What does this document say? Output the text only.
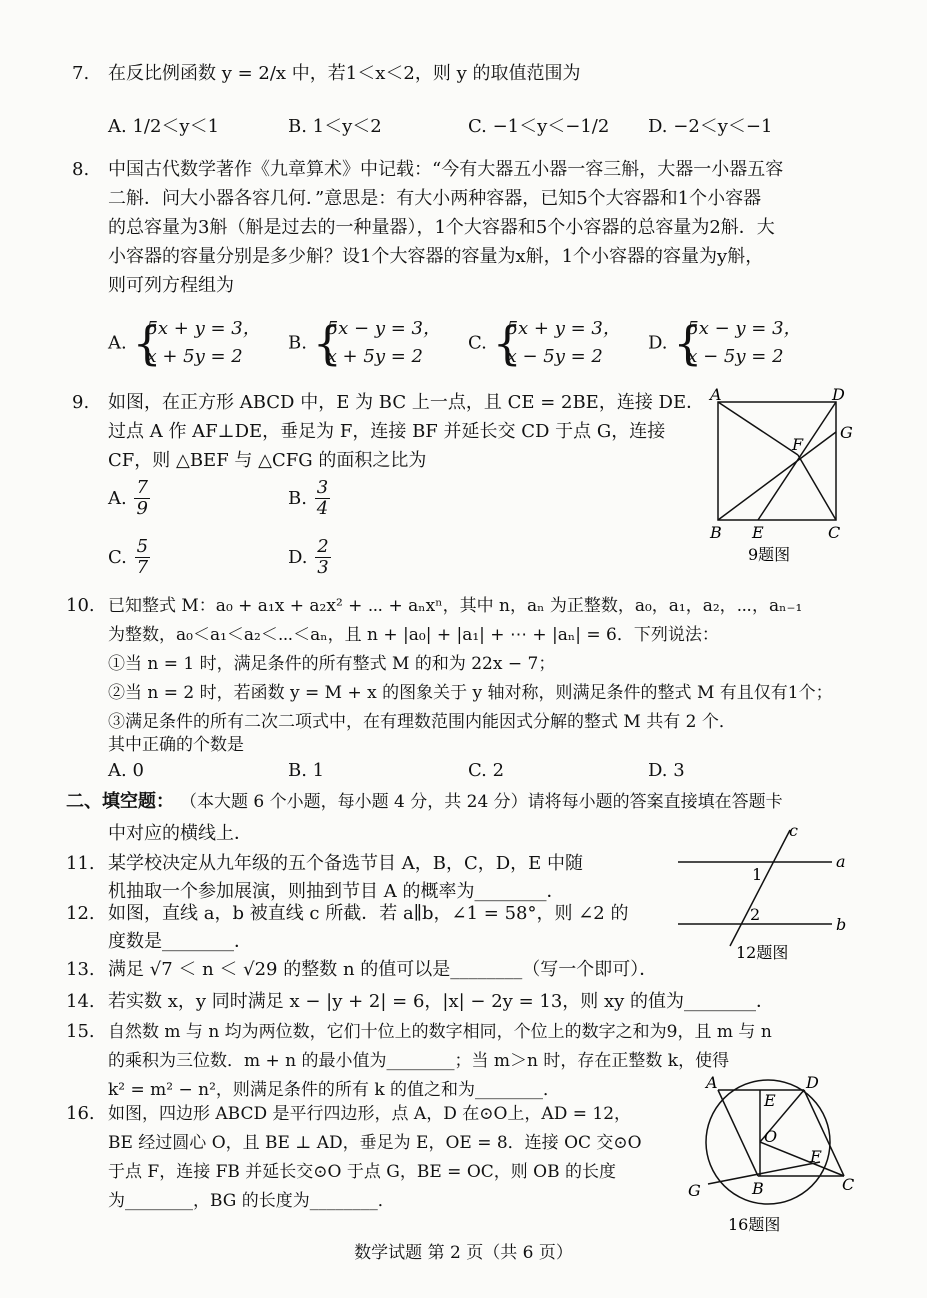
7. 在反比例函数 y = 2/x 中，若1＜x＜2，则 y 的取值范围为
A. 1/2＜y＜1	B. 1＜y＜2	C. −1＜y＜−1/2 D. −2＜y＜−1
8. 中国古代数学著作《九章算术》中记载：“今有大器五小器一容三斛，大器一小器五容
二斛．问大小器各容几何．”意思是：有大小两种容器，已知5个大容器和1个小容器
的总容量为3斛（斛是过去的一种量器），1个大容器和5个小容器的总容量为2斛．大
小容器的容量分别是多少斛？设1个大容器的容量为x斛，1个小容器的容量为y斛，
则可列方程组为
A. {
5x + y = 3，
x + 5y = 2
B. {
5x − y = 3，
x + 5y = 2
C. {
5x + y = 3，
x − 5y = 2
D. {
5x − y = 3，
x − 5y = 2
9. 如图，在正方形 ABCD 中，E 为 BC 上一点，且 CE = 2BE，连接 DE．
过点 A 作 AF⊥DE，垂足为 F，连接 BF 并延长交 CD 于点 G，连接
CF，则 △BEF 与 △CFG 的面积之比为
A. $\frac{7}{9}$	B. $\frac{3}{4}$
C. $\frac{5}{7}$	D. $\frac{2}{3}$
A	D
G
F
B E	C
9题图
10. 已知整式 M：a₀ + a₁x + a₂x² + ⋯ + aₙxⁿ，其中 n，aₙ 为正整数，a₀，a₁，a₂，⋯，aₙ₋₁
为整数，a₀＜a₁＜a₂＜⋯＜aₙ，且 n + |a₀| + |a₁| + ⋯ + |aₙ| = 6．下列说法：
①当 n = 1 时，满足条件的所有整式 M 的和为 22x − 7；
②当 n = 2 时，若函数 y = M + x 的图象关于 y 轴对称，则满足条件的整式 M 有且仅有1个；
③满足条件的所有二次二项式中，在有理数范围内能因式分解的整式 M 共有 2 个．
其中正确的个数是
A. 0	B. 1	C. 2	D. 3
二、填空题： （本大题 6 个小题，每小题 4 分，共 24 分）请将每小题的答案直接填在答题卡
中对应的横线上．
11. 某学校决定从九年级的五个备选节目 A，B，C，D，E 中随
机抽取一个参加展演，则抽到节目 A 的概率为________．
12. 如图，直线 a，b 被直线 c 所截．若 a∥b，∠1 = 58°，则 ∠2 的
度数是________．
c
a
1
2
b
12题图
13. 满足 √7 ＜ n ＜ √29 的整数 n 的值可以是________（写一个即可）．
14. 若实数 x，y 同时满足 x − |y + 2| = 6，|x| − 2y = 13，则 xy 的值为________．
15. 自然数 m 与 n 均为两位数，它们十位上的数字相同，个位上的数字之和为9，且 m 与 n
的乘积为三位数．m + n 的最小值为________；当 m＞n 时，存在正整数 k，使得
k² = m² − n²，则满足条件的所有 k 的值之和为________．
16. 如图，四边形 ABCD 是平行四边形，点 A，D 在⊙O上，AD = 12，
BE 经过圆心 O，且 BE ⊥ AD，垂足为 E，OE = 8．连接 OC 交⊙O
于点 F，连接 FB 并延长交⊙O 于点 G，BE = OC，则 OB 的长度
为________，BG 的长度为________．
A	D
E
O
F
G	B	C
16题图
数学试题 第 2 页（共 6 页）
